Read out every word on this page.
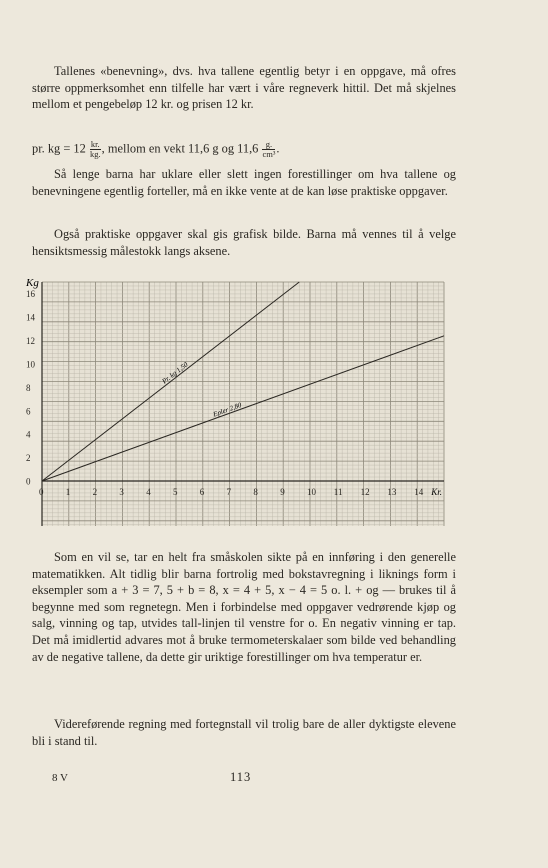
Tallenes «benevning», dvs. hva tallene egentlig betyr i en oppgave, må ofres større oppmerksomhet enn tilfelle har vært i våre regneverk hittil. Det må skjelnes mellom et pengebeløp 12 kr. og prisen 12 kr.

pr. kg = $12 \frac{kr.}{kg.}$ , mellom en vekt 11,6 g og $11,6 \frac{g.}{\text{cm³}}$ .

Så lenge barna har uklare eller slett ingen forestillinger om hva tallene og benevningene egentlig forteller, må en ikke vente at de kan løse praktiske oppgaver.

Også praktiske oppgaver skal gis grafisk bilde. Barna må vennes til å velge hensiktsmessig målestokk langs aksene.

0
2
4
6
8
10
12
14
16
0 1 2 3 4 5 6 7 8 9 10 11 12 13 14
Kg
Kr.
Pr. kg 1,50
Epler 2,80

Som en vil se, tar en helt fra småskolen sikte på en innføring i den generelle matematikken. Alt tidlig blir barna fortrolig med bokstavregning i liknings form i eksempler som a + 3 = 7, 5 + b = 8, x = 4 + 5, x − 4 = 5 o. l. + og — brukes til å begynne med som regnetegn. Men i forbindelse med oppgaver vedrørende kjøp og salg, vinning og tap, utvides tall-linjen til venstre for o. En negativ vinning er tap. Det må imidlertid advares mot å bruke termometerskalaer som bilde ved behandling av de negative tallene, da dette gir uriktige forestillinger om hva temperatur er.

Videreførende regning med fortegnstall vil trolig bare de aller dyktigste elevene bli i stand til.

8 V	113
